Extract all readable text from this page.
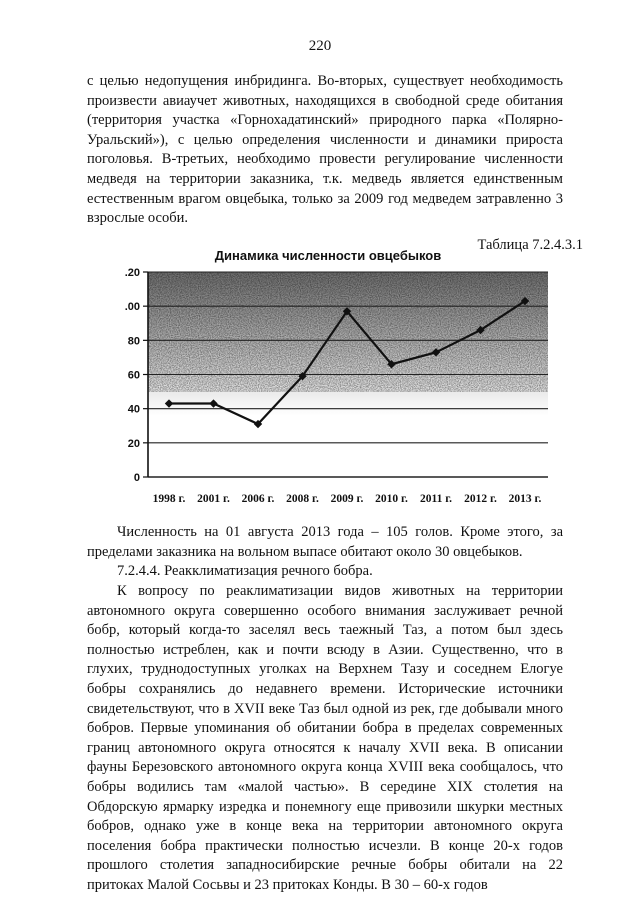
220

с целью недопущения инбридинга. Во-вторых, существует необходимость произвести авиаучет животных, находящихся в свободной среде обитания (территория участка «Горнохадатинский» природного парка «Полярно-Уральский»), с целью определения численности и динамики прироста поголовья. В-третьих, необходимо провести регулирование численности медведя на территории заказника, т.к. медведь является единственным естественным врагом овцебыка, только за 2009 год медведем затравленно 3 взрослые особи.

Таблица 7.2.4.3.1

Динамика численности овцебыков
0
20
40
60
80
.00
.20
1998 г. 2001 г. 2006 г. 2008 г. 2009 г. 2010 г. 2011 г. 2012 г. 2013 г.

Численность на 01 августа 2013 года – 105 голов. Кроме этого, за пределами заказника на вольном выпасе обитают около 30 овцебыков.

7.2.4.4. Реакклиматизация речного бобра.

К вопросу по реаклиматизации видов животных на территории автономного округа совершенно особого внимания заслуживает речной бобр, который когда-то заселял весь таежный Таз, а потом был здесь полностью истреблен, как и почти всюду в Азии. Существенно, что в глухих, труднодоступных уголках на Верхнем Тазу и соседнем Елогуе бобры сохранялись до недавнего времени. Исторические источники свидетельствуют, что в XVII веке Таз был одной из рек, где добывали много бобров. Первые упоминания об обитании бобра в пределах современных границ автономного округа относятся к началу XVII века. В описании фауны Березовского автономного округа конца XVIII века сообщалось, что бобры водились там «малой частью». В середине XIX столетия на Обдорскую ярмарку изредка и понемногу еще привозили шкурки местных бобров, однако уже в конце века на территории автономного округа поселения бобра практически полностью исчезли. В конце 20-х годов прошлого столетия западносибирские речные бобры обитали на 22 притоках Малой Сосьвы и 23 притоках Конды. В 30 – 60-х годов
